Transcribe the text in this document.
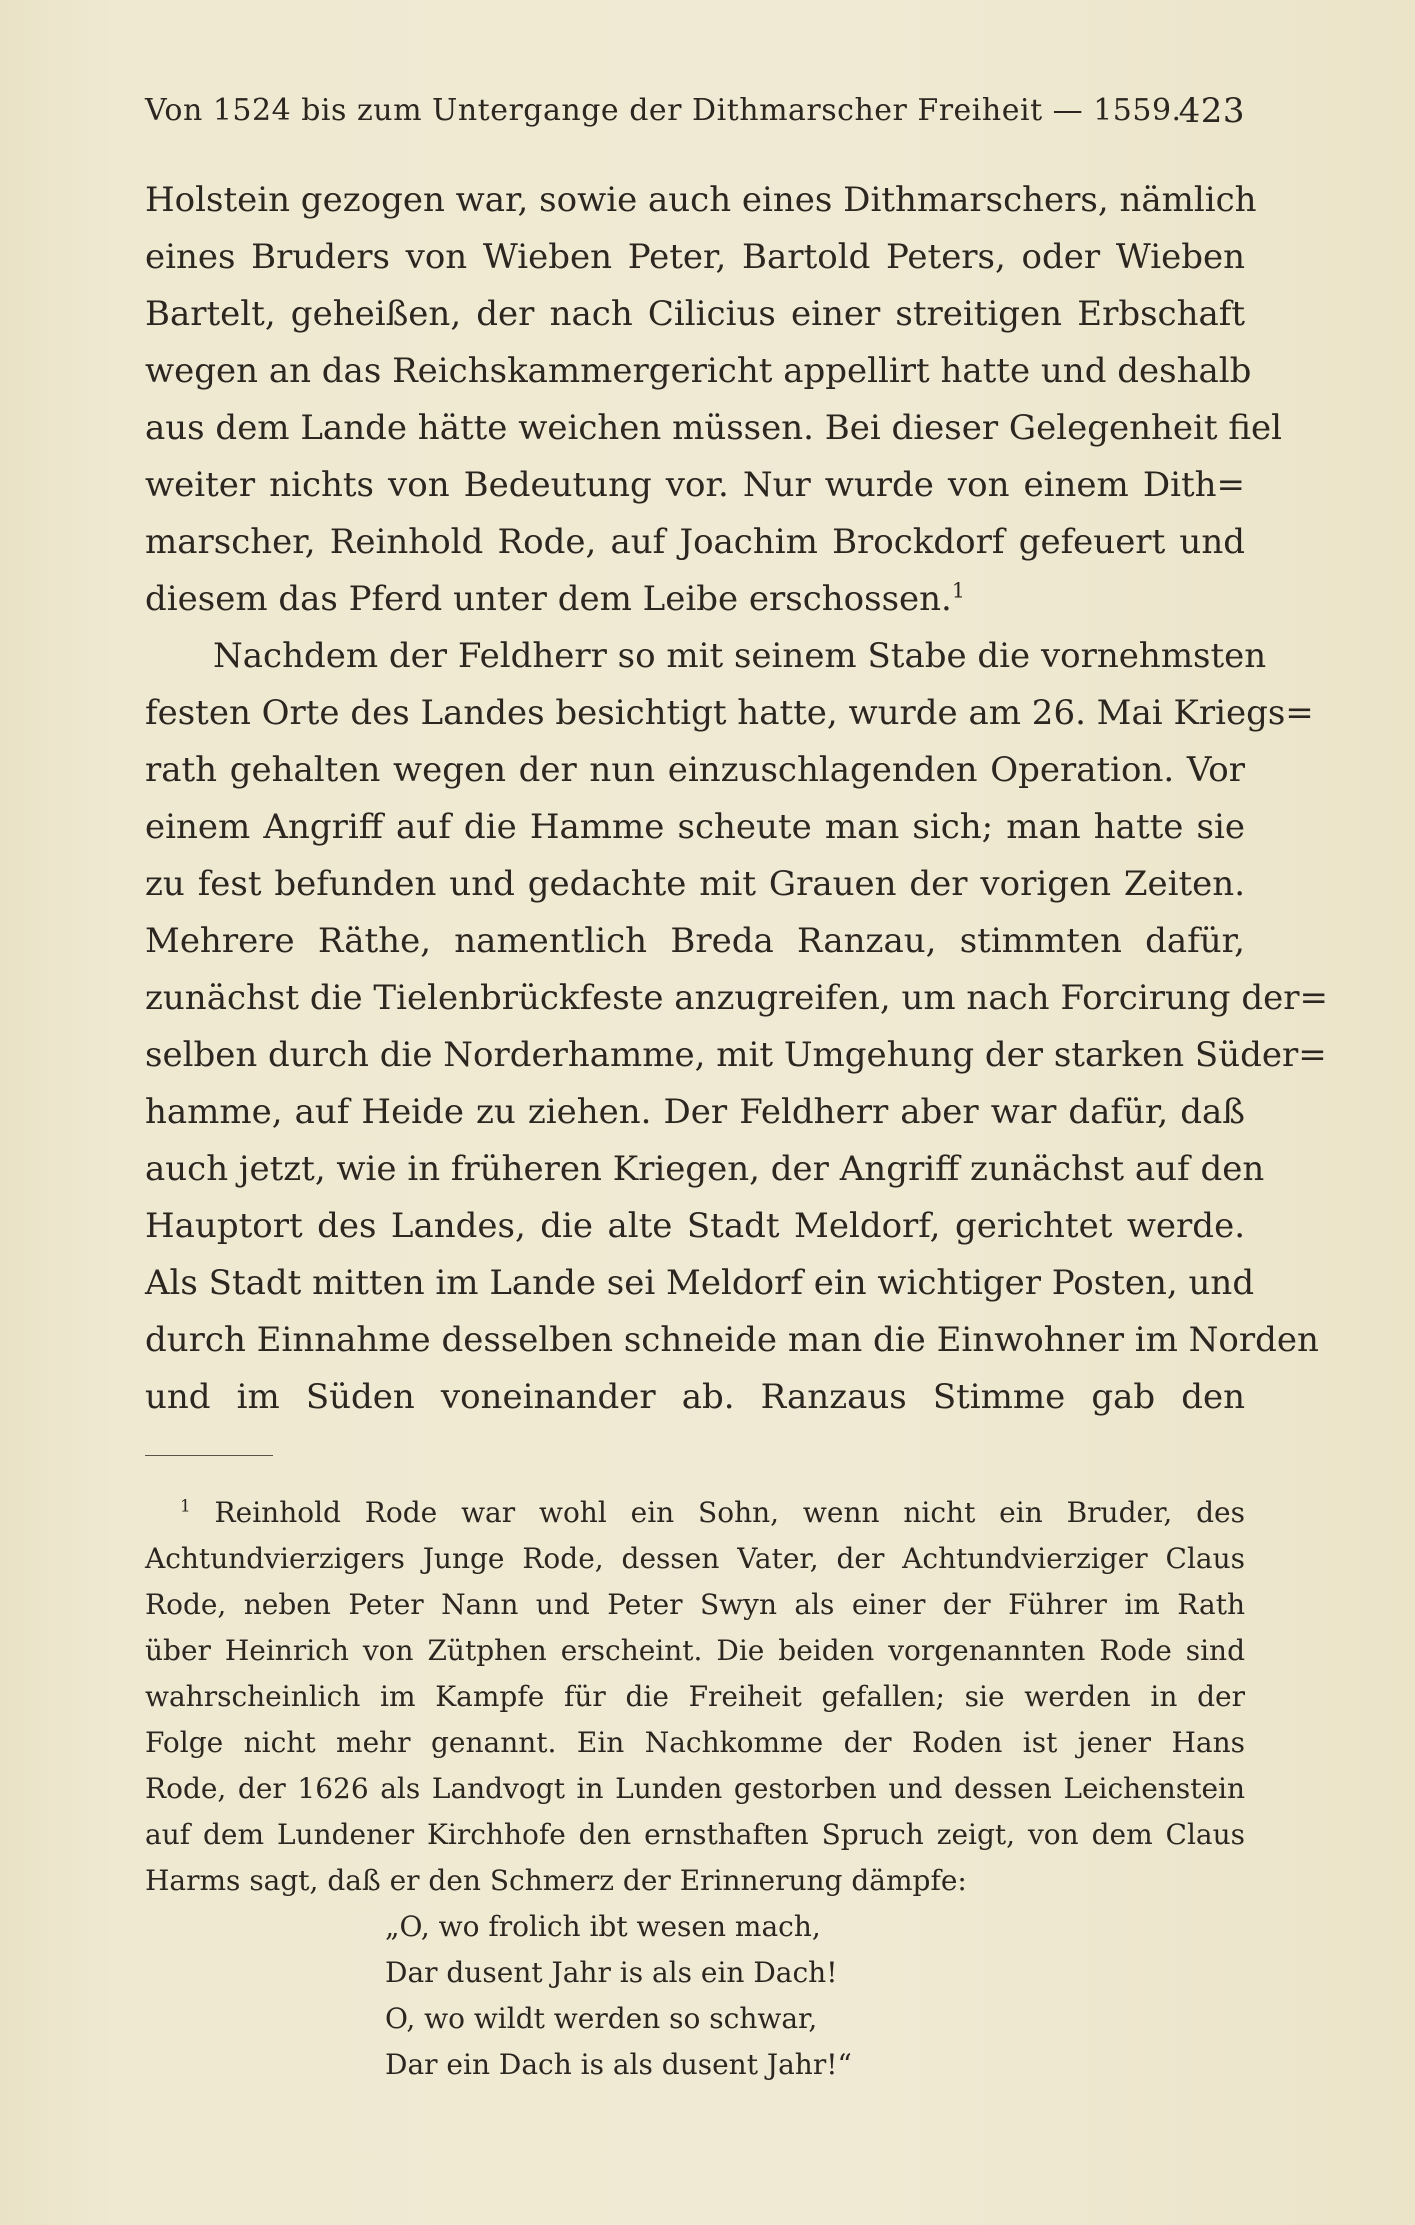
Von 1524 bis zum Untergange der Dithmarscher Freiheit — 1559.
423
Holstein gezogen war, sowie auch eines Dithmarschers, nämlich
eines Bruders von Wieben Peter, Bartold Peters, oder Wieben
Bartelt, geheißen, der nach Cilicius einer streitigen Erbschaft
wegen an das Reichskammergericht appellirt hatte und deshalb
aus dem Lande hätte weichen müssen. Bei dieser Gelegenheit fiel
weiter nichts von Bedeutung vor. Nur wurde von einem Dith=
marscher, Reinhold Rode, auf Joachim Brockdorf gefeuert und
diesem das Pferd unter dem Leibe erschossen.$^1$
Nachdem der Feldherr so mit seinem Stabe die vornehmsten
festen Orte des Landes besichtigt hatte, wurde am 26. Mai Kriegs=
rath gehalten wegen der nun einzuschlagenden Operation. Vor
einem Angriff auf die Hamme scheute man sich; man hatte sie
zu fest befunden und gedachte mit Grauen der vorigen Zeiten.
Mehrere Räthe, namentlich Breda Ranzau, stimmten dafür,
zunächst die Tielenbrückfeste anzugreifen, um nach Forcirung der=
selben durch die Norderhamme, mit Umgehung der starken Süder=
hamme, auf Heide zu ziehen. Der Feldherr aber war dafür, daß
auch jetzt, wie in früheren Kriegen, der Angriff zunächst auf den
Hauptort des Landes, die alte Stadt Meldorf, gerichtet werde.
Als Stadt mitten im Lande sei Meldorf ein wichtiger Posten, und
durch Einnahme desselben schneide man die Einwohner im Norden
und im Süden voneinander ab. Ranzaus Stimme gab den
$^1$ Reinhold Rode war wohl ein Sohn, wenn nicht ein Bruder, des
Achtundvierzigers Junge Rode, dessen Vater, der Achtundvierziger Claus
Rode, neben Peter Nann und Peter Swyn als einer der Führer im Rath
über Heinrich von Zütphen erscheint. Die beiden vorgenannten Rode sind
wahrscheinlich im Kampfe für die Freiheit gefallen; sie werden in der
Folge nicht mehr genannt. Ein Nachkomme der Roden ist jener Hans
Rode, der 1626 als Landvogt in Lunden gestorben und dessen Leichenstein
auf dem Lundener Kirchhofe den ernsthaften Spruch zeigt, von dem Claus
Harms sagt, daß er den Schmerz der Erinnerung dämpfe:
„O, wo frolich ibt wesen mach,
Dar dusent Jahr is als ein Dach!
O, wo wildt werden so schwar,
Dar ein Dach is als dusent Jahr!“
